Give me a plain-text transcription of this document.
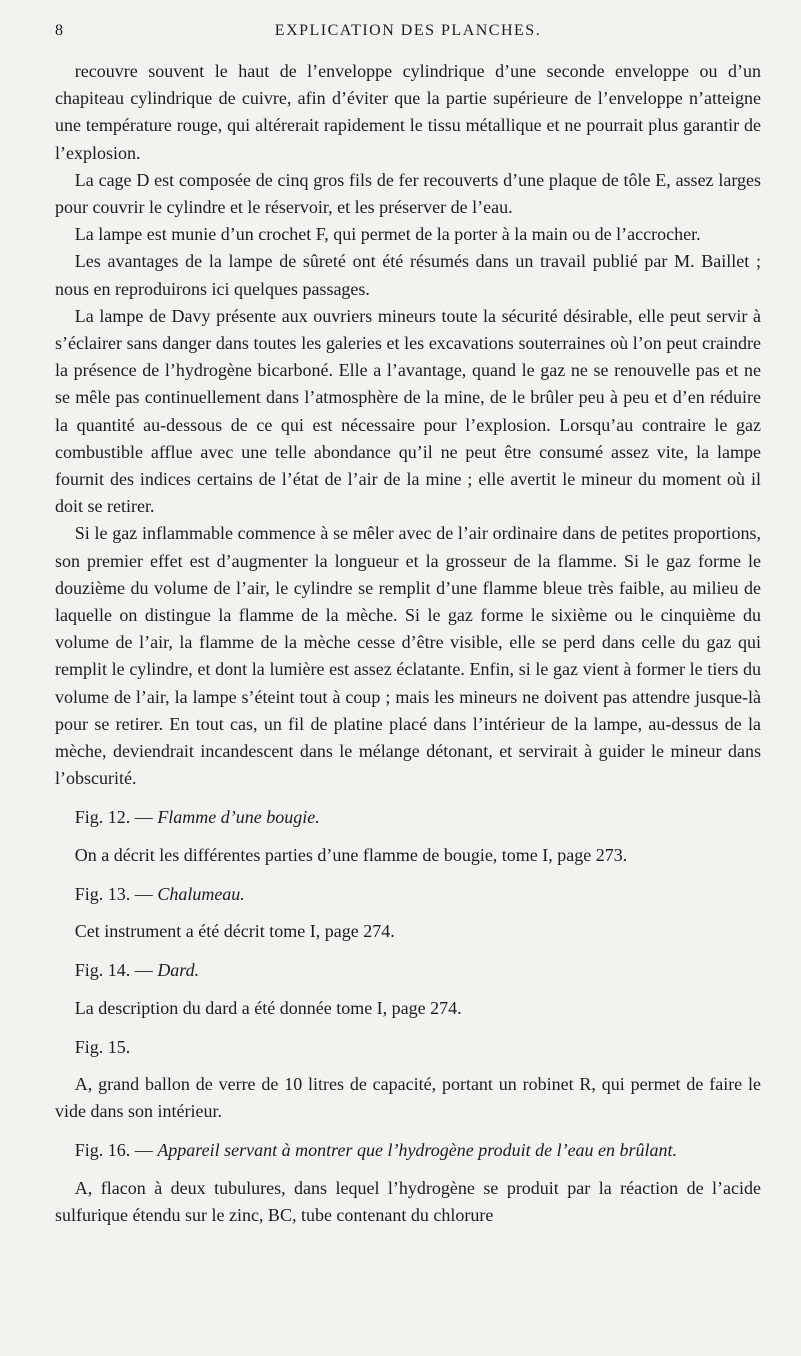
8	EXPLICATION DES PLANCHES.

recouvre souvent le haut de l’enveloppe cylindrique d’une seconde enveloppe ou d’un chapiteau cylindrique de cuivre, afin d’éviter que la partie supérieure de l’enveloppe n’atteigne une température rouge, qui altérerait rapidement le tissu métallique et ne pourrait plus garantir de l’explosion.

La cage D est composée de cinq gros fils de fer recouverts d’une plaque de tôle E, assez larges pour couvrir le cylindre et le réservoir, et les préserver de l’eau.

La lampe est munie d’un crochet F, qui permet de la porter à la main ou de l’accrocher.

Les avantages de la lampe de sûreté ont été résumés dans un travail publié par M. Baillet ; nous en reproduirons ici quelques passages.

La lampe de Davy présente aux ouvriers mineurs toute la sécurité désirable, elle peut servir à s’éclairer sans danger dans toutes les galeries et les excavations souterraines où l’on peut craindre la présence de l’hydrogène bicarboné. Elle a l’avantage, quand le gaz ne se renouvelle pas et ne se mêle pas continuellement dans l’atmosphère de la mine, de le brûler peu à peu et d’en réduire la quantité au-dessous de ce qui est nécessaire pour l’explosion. Lorsqu’au contraire le gaz combustible afflue avec une telle abondance qu’il ne peut être consumé assez vite, la lampe fournit des indices certains de l’état de l’air de la mine ; elle avertit le mineur du moment où il doit se retirer.

Si le gaz inflammable commence à se mêler avec de l’air ordinaire dans de petites proportions, son premier effet est d’augmenter la longueur et la grosseur de la flamme. Si le gaz forme le douzième du volume de l’air, le cylindre se remplit d’une flamme bleue très faible, au milieu de laquelle on distingue la flamme de la mèche. Si le gaz forme le sixième ou le cinquième du volume de l’air, la flamme de la mèche cesse d’être visible, elle se perd dans celle du gaz qui remplit le cylindre, et dont la lumière est assez éclatante. Enfin, si le gaz vient à former le tiers du volume de l’air, la lampe s’éteint tout à coup ; mais les mineurs ne doivent pas attendre jusque-là pour se retirer. En tout cas, un fil de platine placé dans l’intérieur de la lampe, au-dessus de la mèche, deviendrait incandescent dans le mélange détonant, et servirait à guider le mineur dans l’obscurité.

Fig. 12. — Flamme d’une bougie.

On a décrit les différentes parties d’une flamme de bougie, tome I, page 273.

Fig. 13. — Chalumeau.

Cet instrument a été décrit tome I, page 274.

Fig. 14. — Dard.

La description du dard a été donnée tome I, page 274.

Fig. 15.

A, grand ballon de verre de 10 litres de capacité, portant un robinet R, qui permet de faire le vide dans son intérieur.

Fig. 16. — Appareil servant à montrer que l’hydrogène produit de l’eau en brûlant.

A, flacon à deux tubulures, dans lequel l’hydrogène se produit par la réaction de l’acide sulfurique étendu sur le zinc, BC, tube contenant du chlorure
